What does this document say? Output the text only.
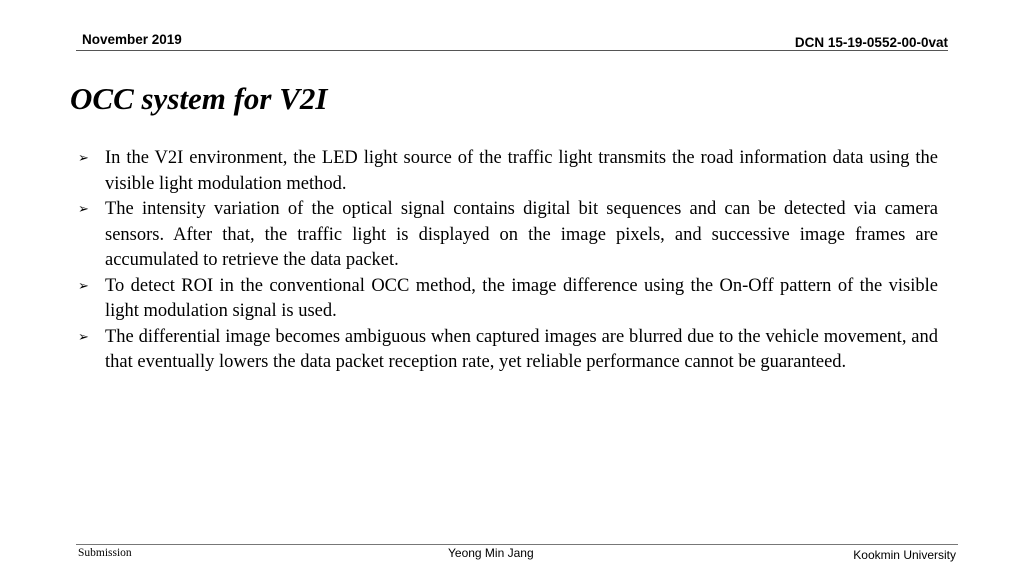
November 2019	DCN 15-19-0552-00-0vat
OCC system for V2I
➢ In the V2I environment, the LED light source of the traffic light transmits the road information data using the visible light modulation method.
➢ The intensity variation of the optical signal contains digital bit sequences and can be detected via camera sensors. After that, the traffic light is displayed on the image pixels, and successive image frames are accumulated to retrieve the data packet.
➢ To detect ROI in the conventional OCC method, the image difference using the On-Off pattern of the visible light modulation signal is used.
➢ The differential image becomes ambiguous when captured images are blurred due to the vehicle movement, and that eventually lowers the data packet reception rate, yet reliable performance cannot be guaranteed.
Submission	Yeong Min Jang	Kookmin University
